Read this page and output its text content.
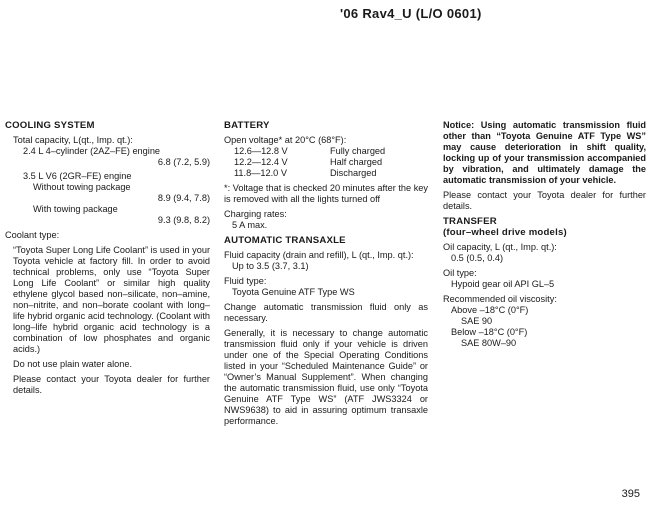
'06 Rav4_U (L/O 0601)
COOLING SYSTEM
Total capacity, L(qt., Imp. qt.):
2.4 L 4–cylinder (2AZ–FE) engine
6.8 (7.2, 5.9)
3.5 L V6 (2GR–FE) engine
Without towing package
8.9 (9.4, 7.8)
With towing package
9.3 (9.8, 8.2)
Coolant type:
“Toyota Super Long Life Coolant” is used in your Toyota vehicle at factory fill. In order to avoid technical problems, only use “Toyota Super Long Life Coolant” or similar high quality ethylene glycol based non–silicate, non–amine, non–nitrite, and non–borate coolant with long–life hybrid organic acid technology. (Coolant with long–life hybrid organic acid technology is a combination of low phosphates and organic acids.)
Do not use plain water alone.
Please contact your Toyota dealer for further details.
BATTERY
Open voltage* at 20°C (68°F):
12.6—12.8 V	Fully charged
12.2—12.4 V	Half charged
11.8—12.0 V	Discharged
*: Voltage that is checked 20 minutes after the key is removed with all the lights turned off
Charging rates:
5 A max.
AUTOMATIC TRANSAXLE
Fluid capacity (drain and refill), L (qt., Imp. qt.):
Up to 3.5 (3.7, 3.1)
Fluid type:
Toyota Genuine ATF Type WS
Change automatic transmission fluid only as necessary.
Generally, it is necessary to change automatic transmission fluid only if your vehicle is driven under one of the Special Operating Conditions listed in your “Scheduled Maintenance Guide” or “Owner’s Manual Supplement”. When changing the automatic transmission fluid, use only “Toyota Genuine ATF Type WS” (ATF JWS3324 or NWS9638) to aid in assuring optimum transaxle performance.
Notice: Using automatic transmission fluid other than “Toyota Genuine ATF Type WS” may cause deterioration in shift quality, locking up of your transmission accompanied by vibration, and ultimately damage the automatic transmission of your vehicle.
Please contact your Toyota dealer for further details.
TRANSFER
(four–wheel drive models)
Oil capacity, L (qt., Imp. qt.):
0.5 (0.5, 0.4)
Oil type:
Hypoid gear oil API GL–5
Recommended oil viscosity:
Above –18°C (0°F)
SAE 90
Below –18°C (0°F)
SAE 80W–90
395
